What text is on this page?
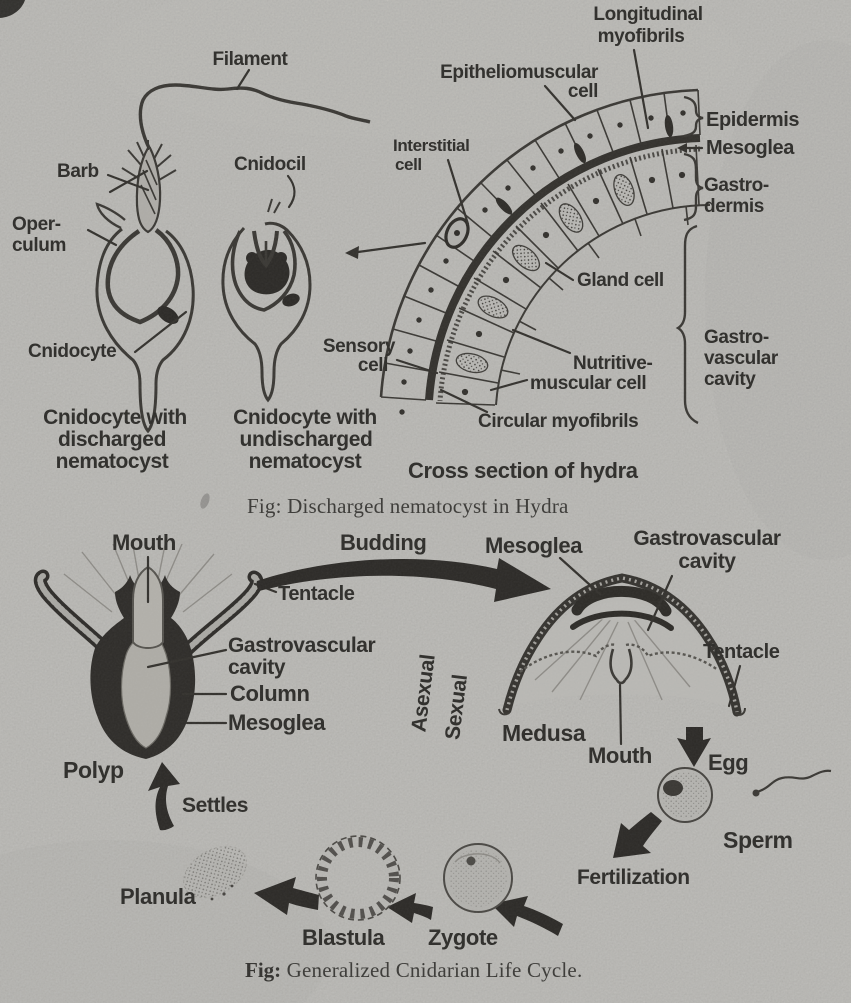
Filament
Barb
Oper-
culum
Cnidocyte
Cnidocil
Cnidocyte with
discharged
nematocyst
Cnidocyte with
undischarged
nematocyst
Longitudinal
myofibrils
Epitheliomuscular
cell
Interstitial
cell
Epidermis
Mesoglea
Gastro-
dermis
Gland cell
Sensory
cell	Nutritive-
muscular cell
Gastro-
vascular
cavity
Circular myofibrils
Cross section of hydra
Fig: Discharged nematocyst in Hydra
Mouth	Budding	Mesoglea Gastrovascular
cavity
Tentacle
Gastrovascular
cavity
Column
Mesoglea	Asexual Sexual
Tentacle
Medusa
Mouth	Egg
Polyp
Settles
Sperm
Fertilization
Planula
Blastula Zygote
Fig: Generalized Cnidarian Life Cycle.
